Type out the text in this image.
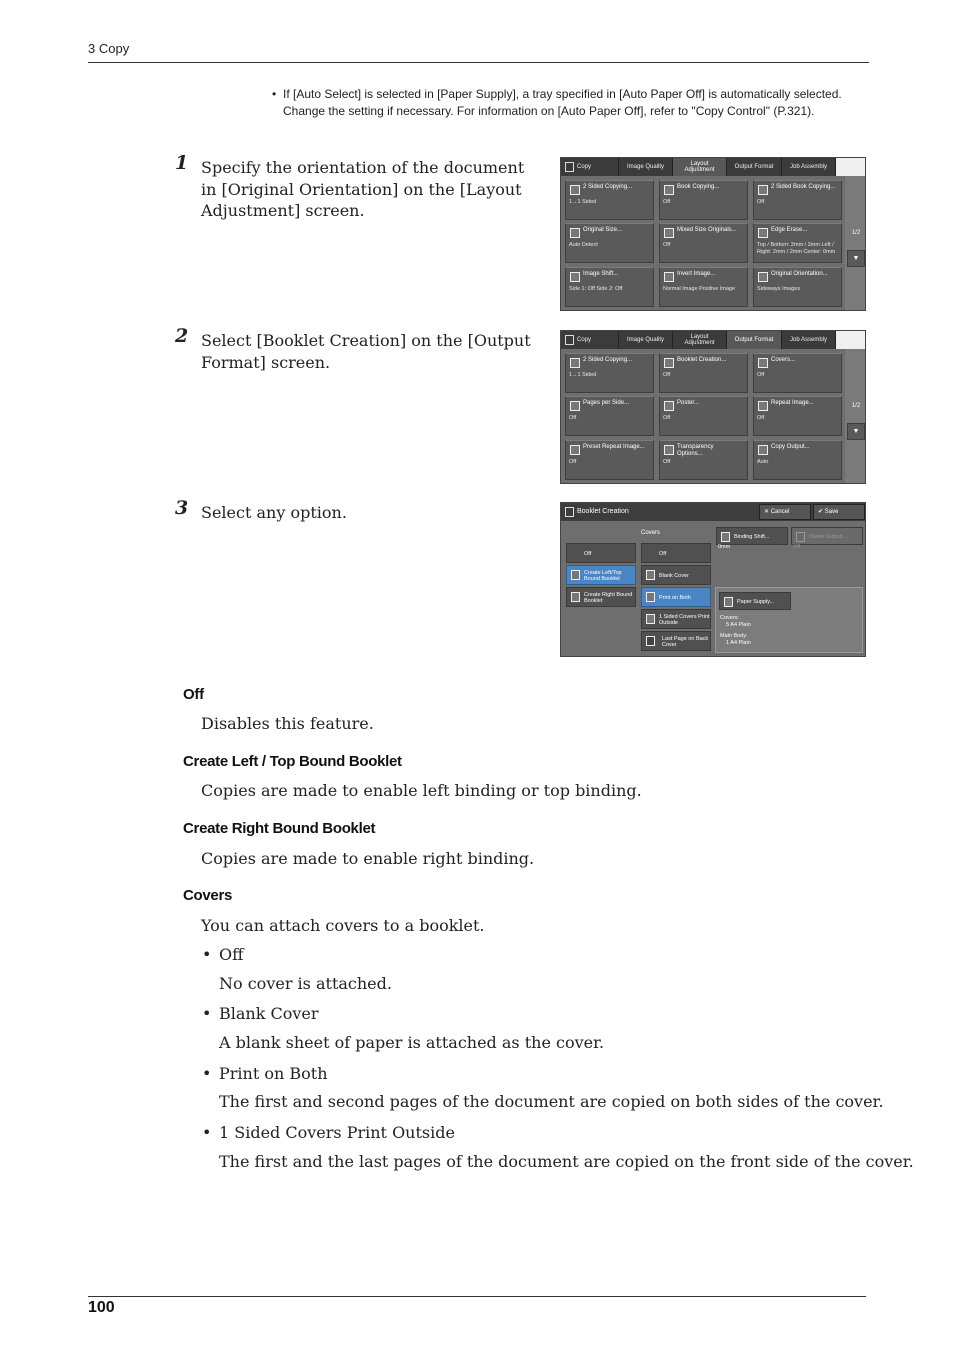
3 Copy
• If [Auto Select] is selected in [Paper Supply], a tray specified in [Auto Paper Off] is automatically selected. Change the setting if necessary. For information on [Auto Paper Off], refer to "Copy Control" (P.321).
1 Specify the orientation of the document in [Original Orientation] on the [Layout Adjustment] screen.
2 Select [Booklet Creation] on the [Output Format] screen.
3 Select any option.
Copy	Image Quality	Layout Adjustment	Output Format	Job Assembly
2 Sided Copying...
1→1 Sided
Book Copying...
Off
2 Sided Book Copying...
Off
Original Size...
Auto Detect
Mixed Size Originals...
Off
Edge Erase...
Top / Bottom: 2mm / 2mm Left / Right: 2mm / 2mm Center: 0mm
Image Shift...
Side 1: Off Side 2: Off
Invert Image...
Normal Image Positive Image
Original Orientation...
Sideways Images
1/2
▼
Copy	Image Quality	Layout Adjustment	Output Format	Job Assembly
2 Sided Copying...
1→1 Sided
Booklet Creation...
Off
Covers...
Off
Pages per Side...
Off
Poster...
Off
Repeat Image...
Off
Preset Repeat Image...
Off
Transparency Options...
Off
Copy Output...
Auto
1/2
▼
Booklet Creation	✕ Cancel	✔ Save
Off
Create Left/Top Bound Booklet
Create Right Bound Booklet
Covers
Off
Blank Cover
Print on Both
1 Sided Covers Print Outside
Last Page on Back Cover
Binding Shift...
0mm
Divide Output...
Off
Paper Supply...
Covers:
5 A4 Plain
Main Body:
1 A4 Plain
Off
Disables this feature.
Create Left / Top Bound Booklet
Copies are made to enable left binding or top binding.
Create Right Bound Booklet
Copies are made to enable right binding.
Covers
You can attach covers to a booklet.
• Off
No cover is attached.
• Blank Cover
A blank sheet of paper is attached as the cover.
• Print on Both
The first and second pages of the document are copied on both sides of the cover.
• 1 Sided Covers Print Outside
The first and the last pages of the document are copied on the front side of the cover.
100
